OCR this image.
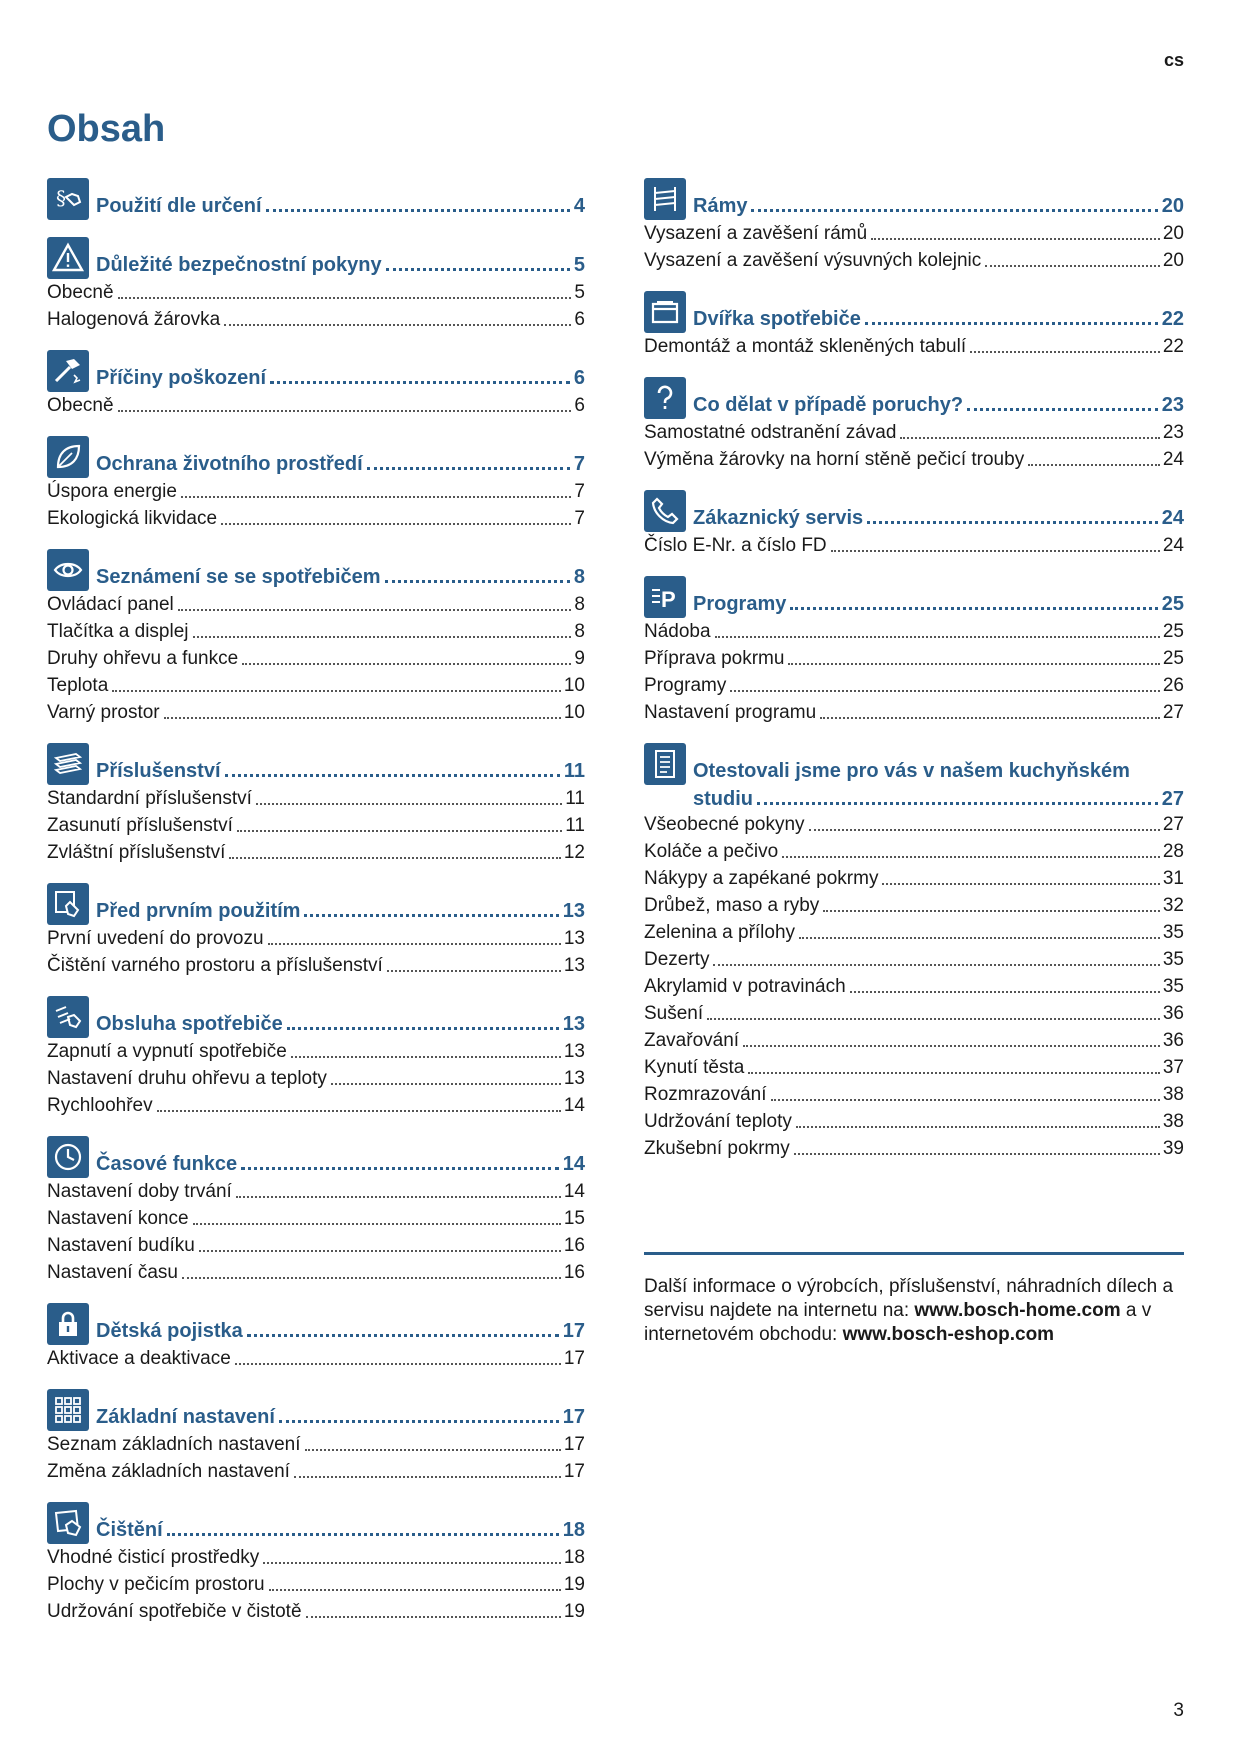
cs
Obsah
§ Použití dle určení	4
Důležité bezpečnostní pokyny	5
Obecně	5
Halogenová žárovka	6
Příčiny poškození	6
Obecně	6
Ochrana životního prostředí	7
Úspora energie	7
Ekologická likvidace	7
Seznámení se se spotřebičem	8
Ovládací panel	8
Tlačítka a displej	8
Druhy ohřevu a funkce	9
Teplota	10
Varný prostor	10
Příslušenství	11
Standardní příslušenství	11
Zasunutí příslušenství	11
Zvláštní příslušenství	12
Před prvním použitím	13
První uvedení do provozu	13
Čištění varného prostoru a příslušenství	13
Obsluha spotřebiče	13
Zapnutí a vypnutí spotřebiče	13
Nastavení druhu ohřevu a teploty	13
Rychloohřev	14
Časové funkce	14
Nastavení doby trvání	14
Nastavení konce	15
Nastavení budíku	16
Nastavení času	16
Dětská pojistka	17
Aktivace a deaktivace	17
Základní nastavení	17
Seznam základních nastavení	17
Změna základních nastavení	17
Čištění	18
Vhodné čisticí prostředky	18
Plochy v pečicím prostoru	19
Udržování spotřebiče v čistotě	19
Rámy	20
Vysazení a zavěšení rámů	20
Vysazení a zavěšení výsuvných kolejnic	20
Dvířka spotřebiče	22
Demontáž a montáž skleněných tabulí	22
Co dělat v případě poruchy?	23
Samostatné odstranění závad	23
Výměna žárovky na horní stěně pečicí trouby	24
Zákaznický servis	24
Číslo E-Nr. a číslo FD	24
P Programy	25
Nádoba	25
Příprava pokrmu	25
Programy	26
Nastavení programu	27
Otestovali jsme pro vás v našem kuchyňském
studiu	27
Všeobecné pokyny	27
Koláče a pečivo	28
Nákypy a zapékané pokrmy	31
Drůbež, maso a ryby	32
Zelenina a přílohy	35
Dezerty	35
Akrylamid v potravinách	35
Sušení	36
Zavařování	36
Kynutí těsta	37
Rozmrazování	38
Udržování teploty	38
Zkušební pokrmy	39
Další informace o výrobcích, příslušenství, náhradních dílech a servisu najdete na internetu na: www.bosch-home.com a v internetovém obchodu: www.bosch-eshop.com
3
